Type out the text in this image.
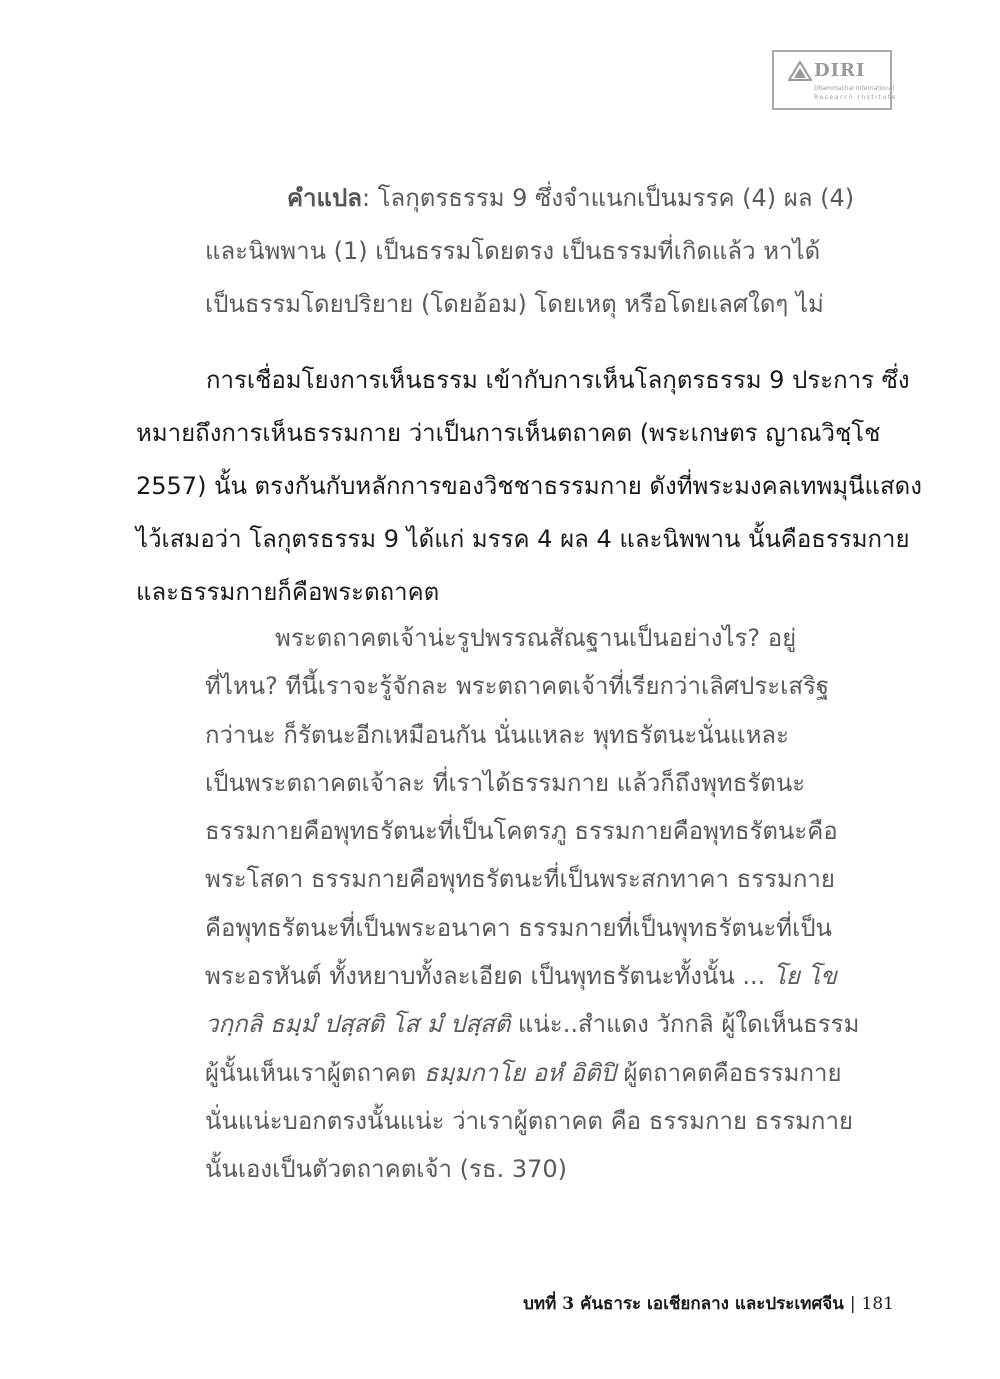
DIRI
Dhammachai International
Research Institute
คำแปล: โลกุตรธรรม 9 ซึ่งจำแนกเป็นมรรค (4) ผล (4)
และนิพพาน (1) เป็นธรรมโดยตรง เป็นธรรมที่เกิดแล้ว หาได้
เป็นธรรมโดยปริยาย (โดยอ้อม) โดยเหตุ หรือโดยเลศใดๆ ไม่
การเชื่อมโยงการเห็นธรรม เข้ากับการเห็นโลกุตรธรรม 9 ประการ ซึ่ง
หมายถึงการเห็นธรรมกาย ว่าเป็นการเห็นตถาคต (พระเกษตร ญาณวิชฺโช
2557) นั้น ตรงกันกับหลักการของวิชชาธรรมกาย ดังที่พระมงคลเทพมุนีแสดง
ไว้เสมอว่า โลกุตรธรรม 9 ได้แก่ มรรค 4 ผล 4 และนิพพาน นั้นคือธรรมกาย
และธรรมกายก็คือพระตถาคต
พระตถาคตเจ้าน่ะรูปพรรณสัณฐานเป็นอย่างไร? อยู่
ที่ไหน? ทีนี้เราจะรู้จักละ พระตถาคตเจ้าที่เรียกว่าเลิศประเสริฐ
กว่านะ ก็รัตนะอีกเหมือนกัน นั่นแหละ พุทธรัตนะนั่นแหละ
เป็นพระตถาคตเจ้าละ ที่เราได้ธรรมกาย แล้วก็ถึงพุทธรัตนะ
ธรรมกายคือพุทธรัตนะที่เป็นโคตรภู ธรรมกายคือพุทธรัตนะคือ
พระโสดา ธรรมกายคือพุทธรัตนะที่เป็นพระสกทาคา ธรรมกาย
คือพุทธรัตนะที่เป็นพระอนาคา ธรรมกายที่เป็นพุทธรัตนะที่เป็น
พระอรหันต์ ทั้งหยาบทั้งละเอียด เป็นพุทธรัตนะทั้งนั้น ... โย โข
วกฺกลิ ธมฺมํ ปสฺสติ โส มํ ปสฺสติ แน่ะ..สำแดง วักกลิ ผู้ใดเห็นธรรม
ผู้นั้นเห็นเราผู้ตถาคต ธมฺมกาโย อหํ อิติปิ ผู้ตถาคตคือธรรมกาย
นั่นแน่ะบอกตรงนั้นแน่ะ ว่าเราผู้ตถาคต คือ ธรรมกาย ธรรมกาย
นั้นเองเป็นตัวตถาคตเจ้า (รธ. 370)
บทที่ 3 คันธาระ เอเชียกลาง และประเทศจีน | 181
